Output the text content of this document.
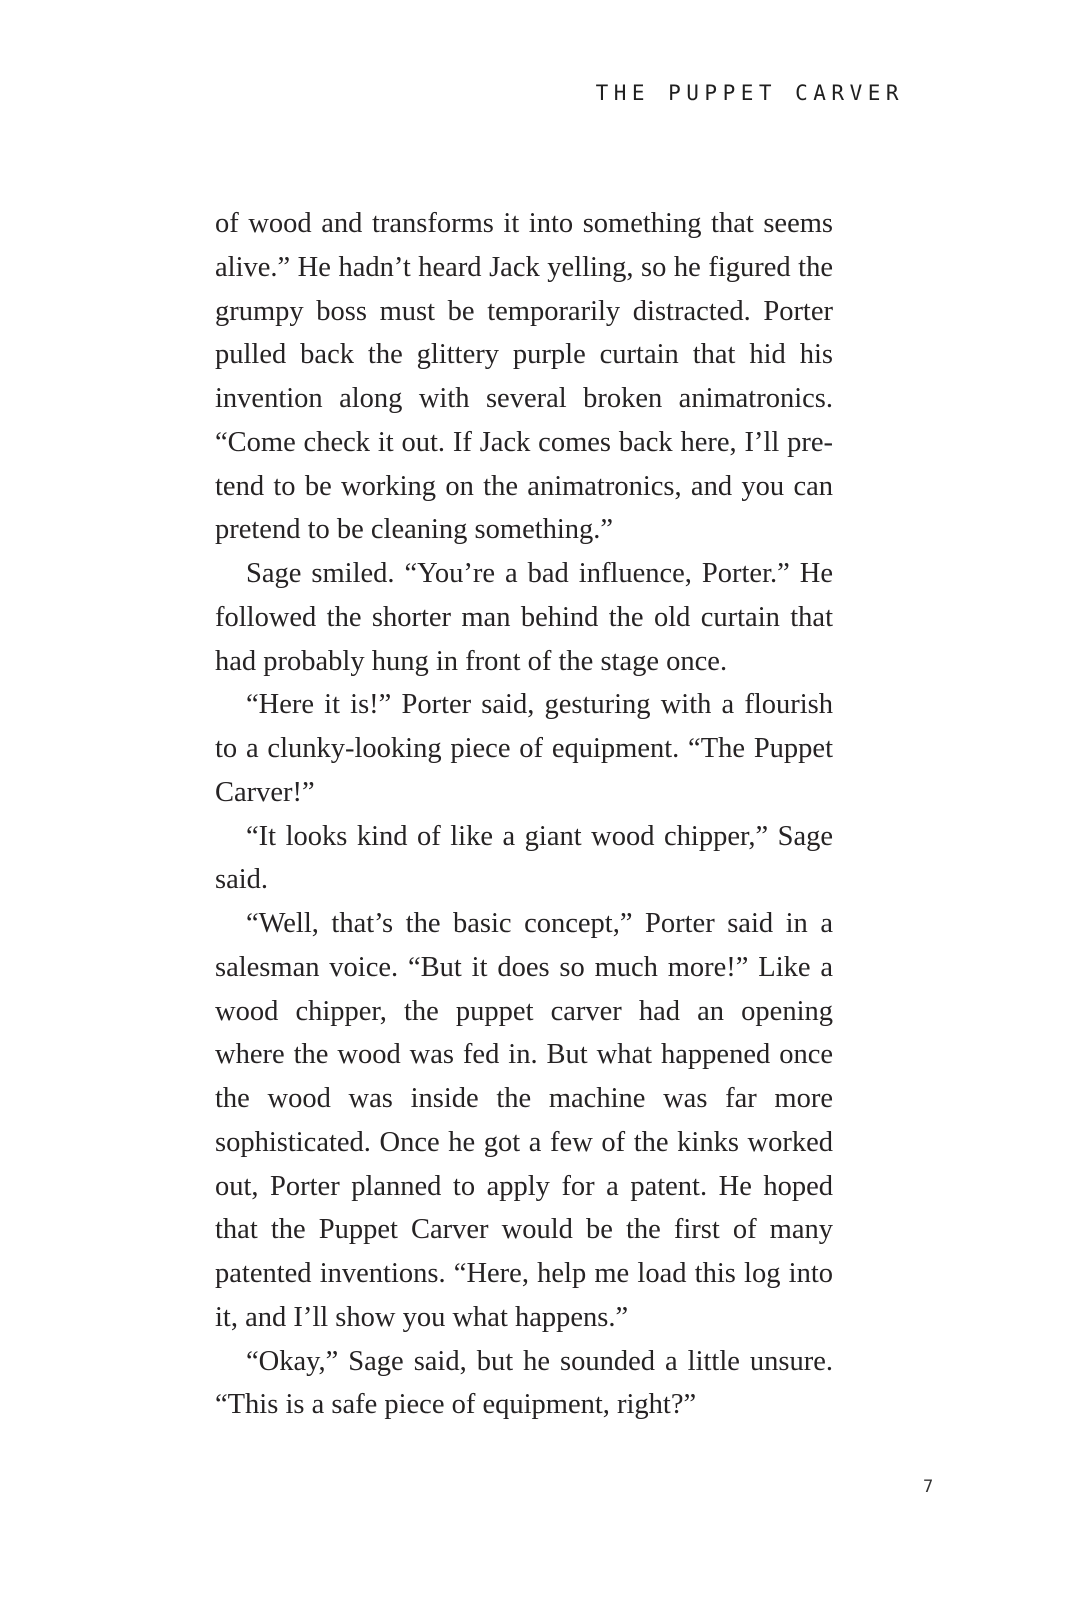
THE PUPPET CARVER

of wood and transforms it into something that seems alive.” He hadn’t heard Jack yelling, so he figured the grumpy boss must be temporarily distracted. Porter pulled back the glittery purple curtain that hid his invention along with several broken animatronics. “Come check it out. If Jack comes back here, I’ll pretend to be working on the animatronics, and you can pretend to be cleaning something.”

Sage smiled. “You’re a bad influence, Porter.” He followed the shorter man behind the old curtain that had probably hung in front of the stage once.

“Here it is!” Porter said, gesturing with a flourish to a clunky-looking piece of equipment. “The Puppet Carver!”

“It looks kind of like a giant wood chipper,” Sage said.

“Well, that’s the basic concept,” Porter said in a salesman voice. “But it does so much more!” Like a wood chipper, the puppet carver had an opening where the wood was fed in. But what happened once the wood was inside the machine was far more sophisticated. Once he got a few of the kinks worked out, Porter planned to apply for a patent. He hoped that the Puppet Carver would be the first of many patented inventions. “Here, help me load this log into it, and I’ll show you what happens.”

“Okay,” Sage said, but he sounded a little unsure. “This is a safe piece of equipment, right?”

7
